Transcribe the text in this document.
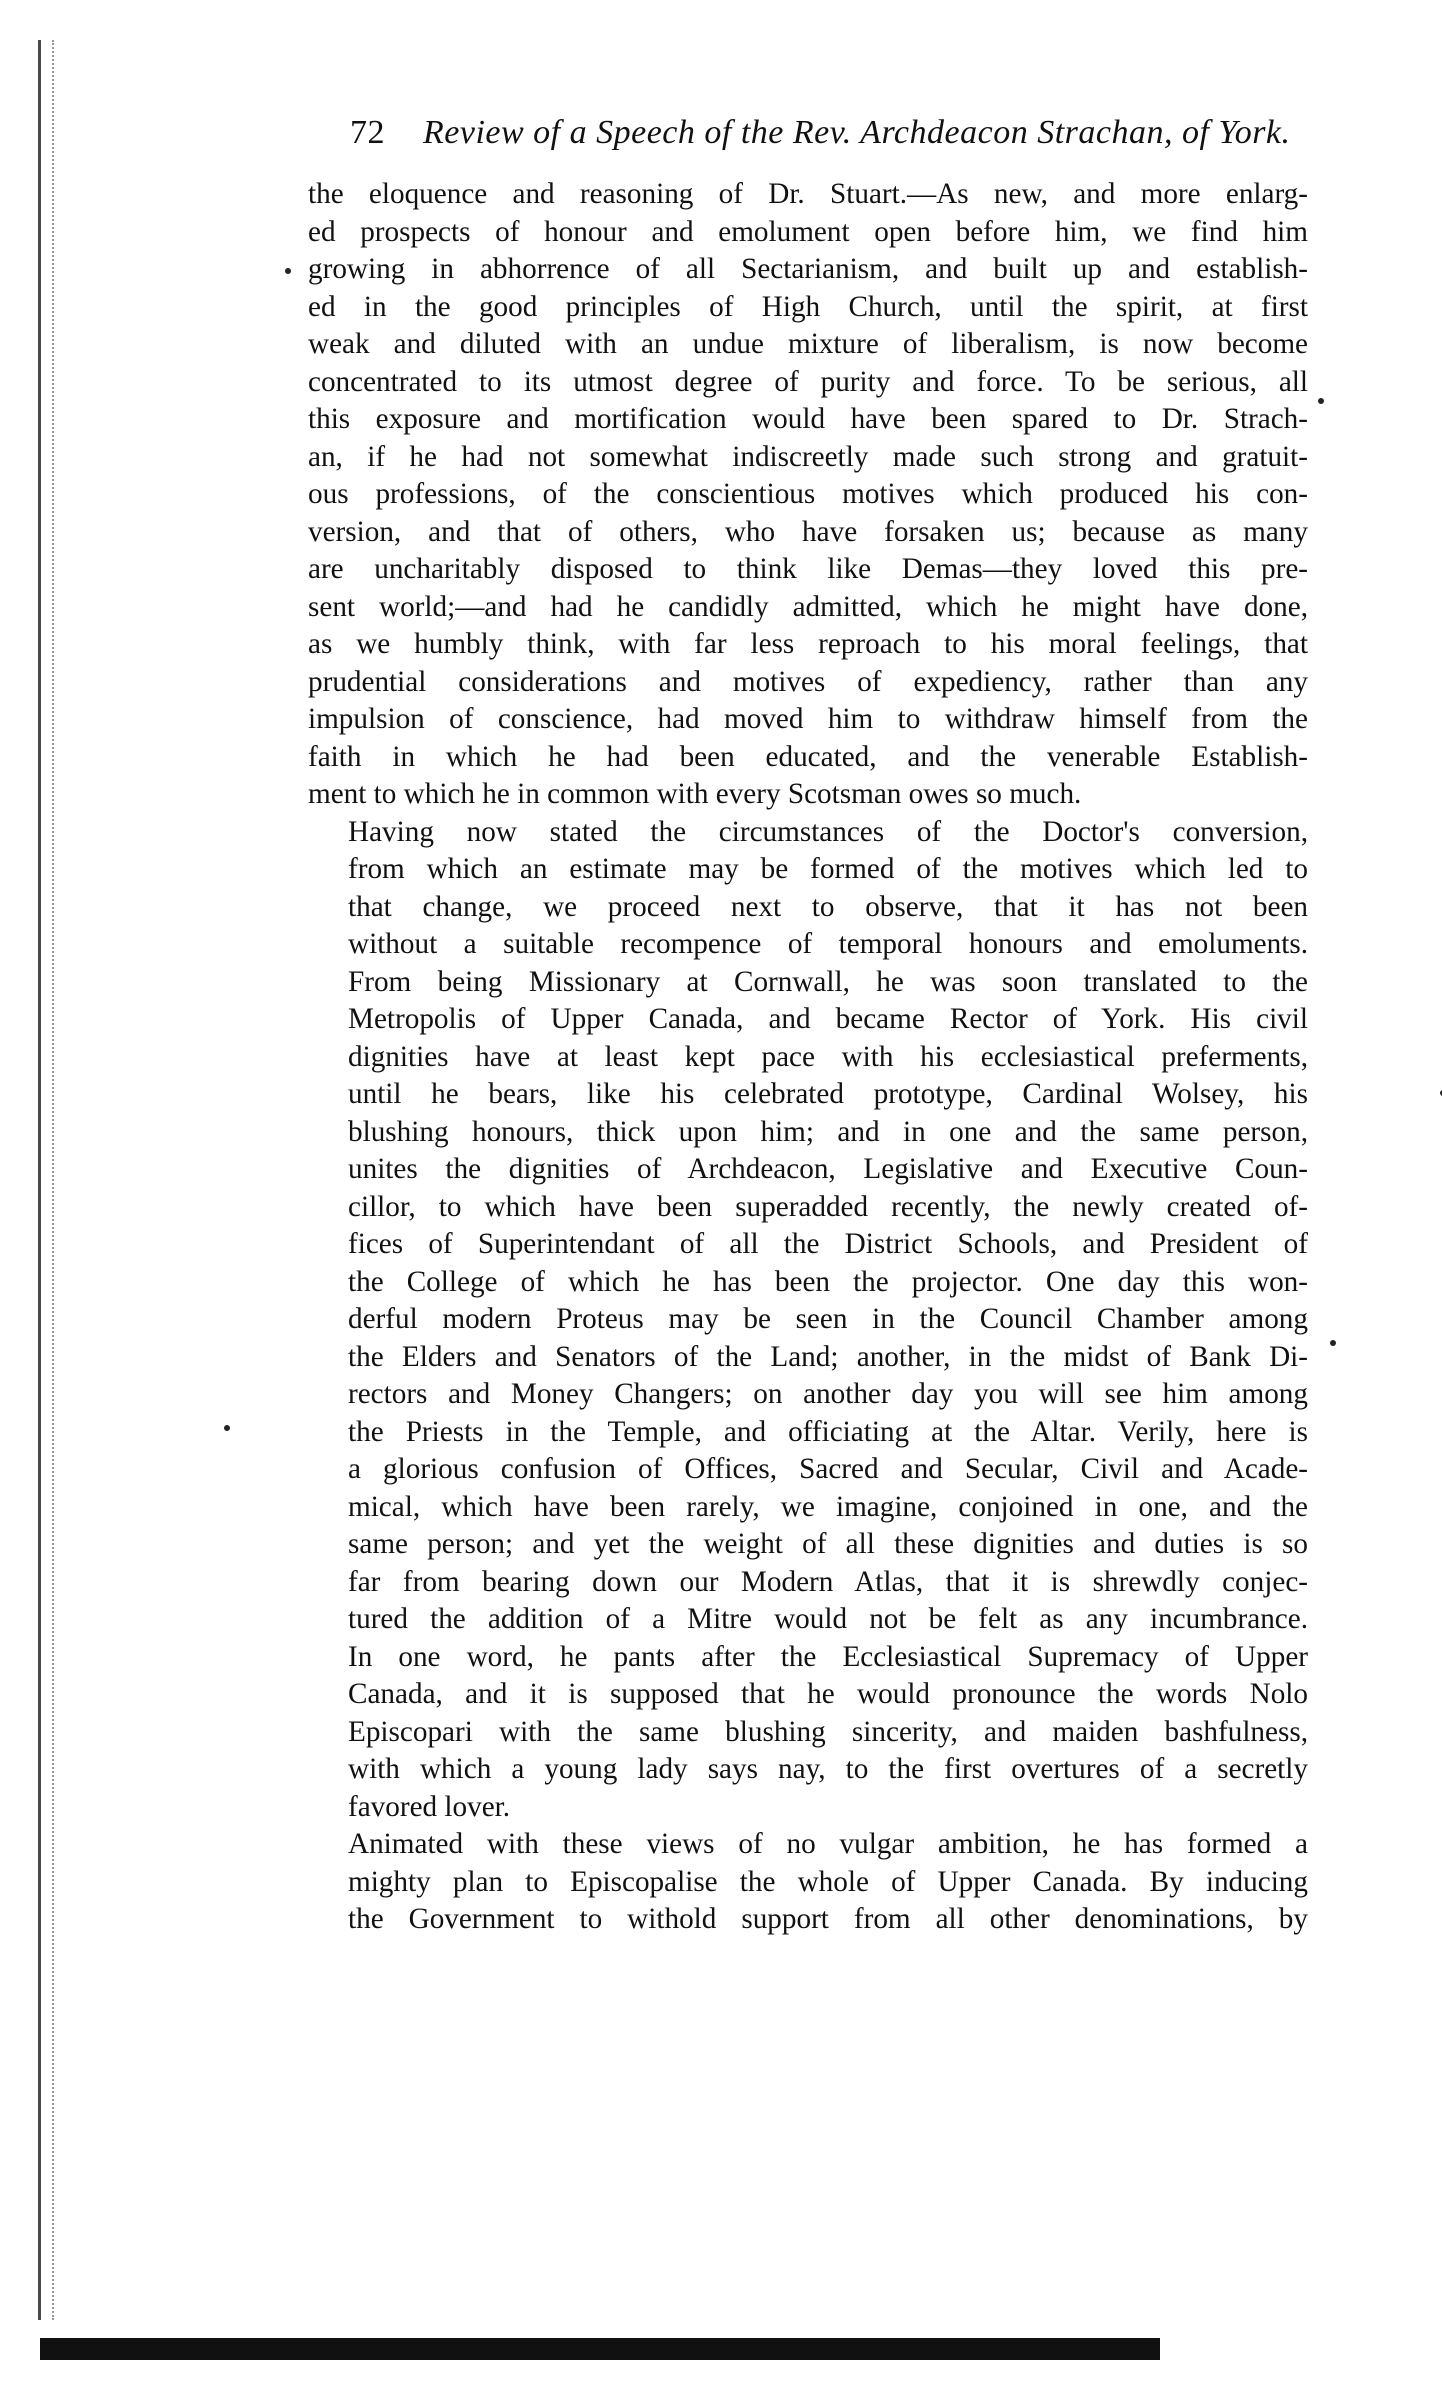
72 Review of a Speech of the Rev. Archdeacon Strachan, of York.

the eloquence and reasoning of Dr. Stuart.—As new, and more enlarg-
ed prospects of honour and emolument open before him, we find him
growing in abhorrence of all Sectarianism, and built up and establish-
ed in the good principles of High Church, until the spirit, at first
weak and diluted with an undue mixture of liberalism, is now become
concentrated to its utmost degree of purity and force. To be serious, all
this exposure and mortification would have been spared to Dr. Strach-
an, if he had not somewhat indiscreetly made such strong and gratuit-
ous professions, of the conscientious motives which produced his con-
version, and that of others, who have forsaken us; because as many
are uncharitably disposed to think like Demas—they loved this pre-
sent world;—and had he candidly admitted, which he might have done,
as we humbly think, with far less reproach to his moral feelings, that
prudential considerations and motives of expediency, rather than any
impulsion of conscience, had moved him to withdraw himself from the
faith in which he had been educated, and the venerable Establish-
ment to which he in common with every Scotsman owes so much.

Having now stated the circumstances of the Doctor's conversion,
from which an estimate may be formed of the motives which led to
that change, we proceed next to observe, that it has not been
without a suitable recompence of temporal honours and emoluments.
From being Missionary at Cornwall, he was soon translated to the
Metropolis of Upper Canada, and became Rector of York. His civil
dignities have at least kept pace with his ecclesiastical preferments,
until he bears, like his celebrated prototype, Cardinal Wolsey, his
blushing honours, thick upon him; and in one and the same person,
unites the dignities of Archdeacon, Legislative and Executive Coun-
cillor, to which have been superadded recently, the newly created of-
fices of Superintendant of all the District Schools, and President of
the College of which he has been the projector. One day this won-
derful modern Proteus may be seen in the Council Chamber among
the Elders and Senators of the Land; another, in the midst of Bank Di-
rectors and Money Changers; on another day you will see him among
the Priests in the Temple, and officiating at the Altar. Verily, here is
a glorious confusion of Offices, Sacred and Secular, Civil and Acade-
mical, which have been rarely, we imagine, conjoined in one, and the
same person; and yet the weight of all these dignities and duties is so
far from bearing down our Modern Atlas, that it is shrewdly conjec-
tured the addition of a Mitre would not be felt as any incumbrance.
In one word, he pants after the Ecclesiastical Supremacy of Upper
Canada, and it is supposed that he would pronounce the words Nolo
Episcopari with the same blushing sincerity, and maiden bashfulness,
with which a young lady says nay, to the first overtures of a secretly
favored lover.

Animated with these views of no vulgar ambition, he has formed a
mighty plan to Episcopalise the whole of Upper Canada. By inducing
the Government to withold support from all other denominations, by
